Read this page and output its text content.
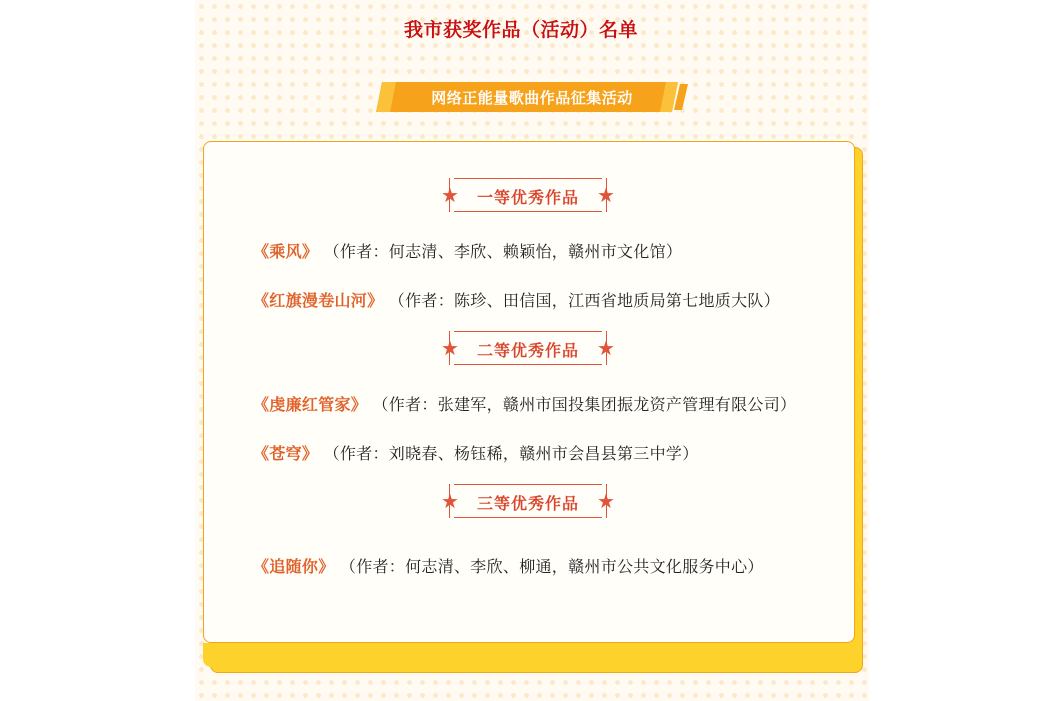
我市获奖作品（活动）名单
网络正能量歌曲作品征集活动
★	★
一等优秀作品
《乘风》 （作者：何志清、李欣、赖颖怡，赣州市文化馆）
《红旗漫卷山河》 （作者：陈珍、田信国，江西省地质局第七地质大队）
★	★
二等优秀作品
《虔廉红管家》 （作者：张建军，赣州市国投集团振龙资产管理有限公司）
《苍穹》 （作者：刘晓春、杨钰稀，赣州市会昌县第三中学）
★	★
三等优秀作品
《追随你》 （作者：何志清、李欣、柳通，赣州市公共文化服务中心）
